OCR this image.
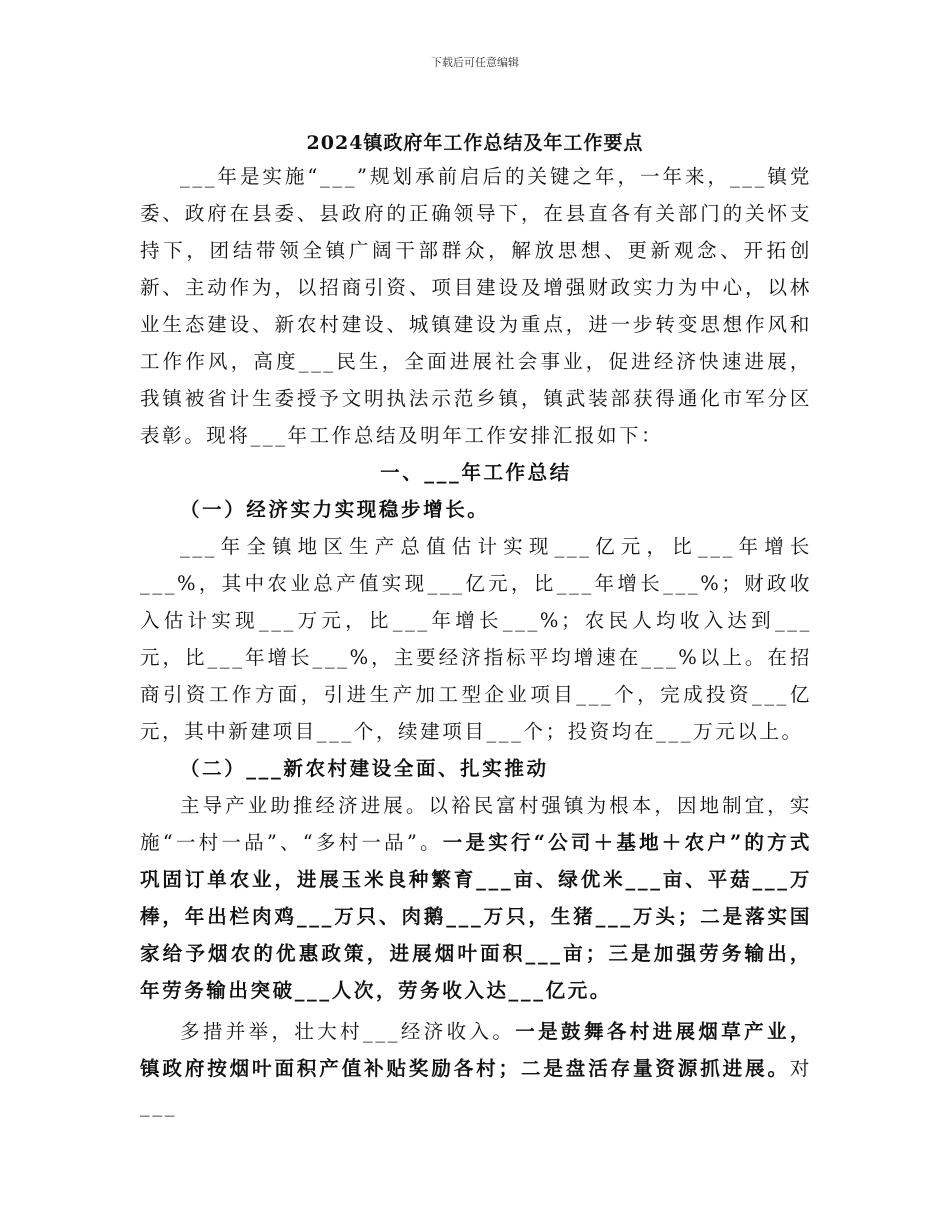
下载后可任意编辑
2024镇政府年工作总结及年工作要点

___年是实施“___”规划承前启后的关键之年，一年来，___镇党委、政府在县委、县政府的正确领导下，在县直各有关部门的关怀支持下，团结带领全镇广阔干部群众，解放思想、更新观念、开拓创新、主动作为，以招商引资、项目建设及增强财政实力为中心，以林业生态建设、新农村建设、城镇建设为重点，进一步转变思想作风和工作作风，高度___民生，全面进展社会事业，促进经济快速进展，我镇被省计生委授予文明执法示范乡镇，镇武装部获得通化市军分区表彰。现将___年工作总结及明年工作安排汇报如下：

一、___年工作总结

（一）经济实力实现稳步增长。

___年全镇地区生产总值估计实现___亿元，比___年增长___%，其中农业总产值实现___亿元，比___年增长___%；财政收入估计实现___万元，比___年增长___%；农民人均收入达到___元，比___年增长___%，主要经济指标平均增速在___%以上。在招商引资工作方面，引进生产加工型企业项目___个，完成投资___亿元，其中新建项目___个，续建项目___个；投资均在___万元以上。

（二）___新农村建设全面、扎实推动

主导产业助推经济进展。以裕民富村强镇为根本，因地制宜，实施“一村一品”、“多村一品”。一是实行“公司＋基地＋农户”的方式巩固订单农业，进展玉米良种繁育___亩、绿优米___亩、平菇___万棒，年出栏肉鸡___万只、肉鹅___万只，生猪___万头；二是落实国家给予烟农的优惠政策，进展烟叶面积___亩；三是加强劳务输出，年劳务输出突破___人次，劳务收入达___亿元。

多措并举，壮大村___经济收入。一是鼓舞各村进展烟草产业，镇政府按烟叶面积产值补贴奖励各村；二是盘活存量资源抓进展。对___
